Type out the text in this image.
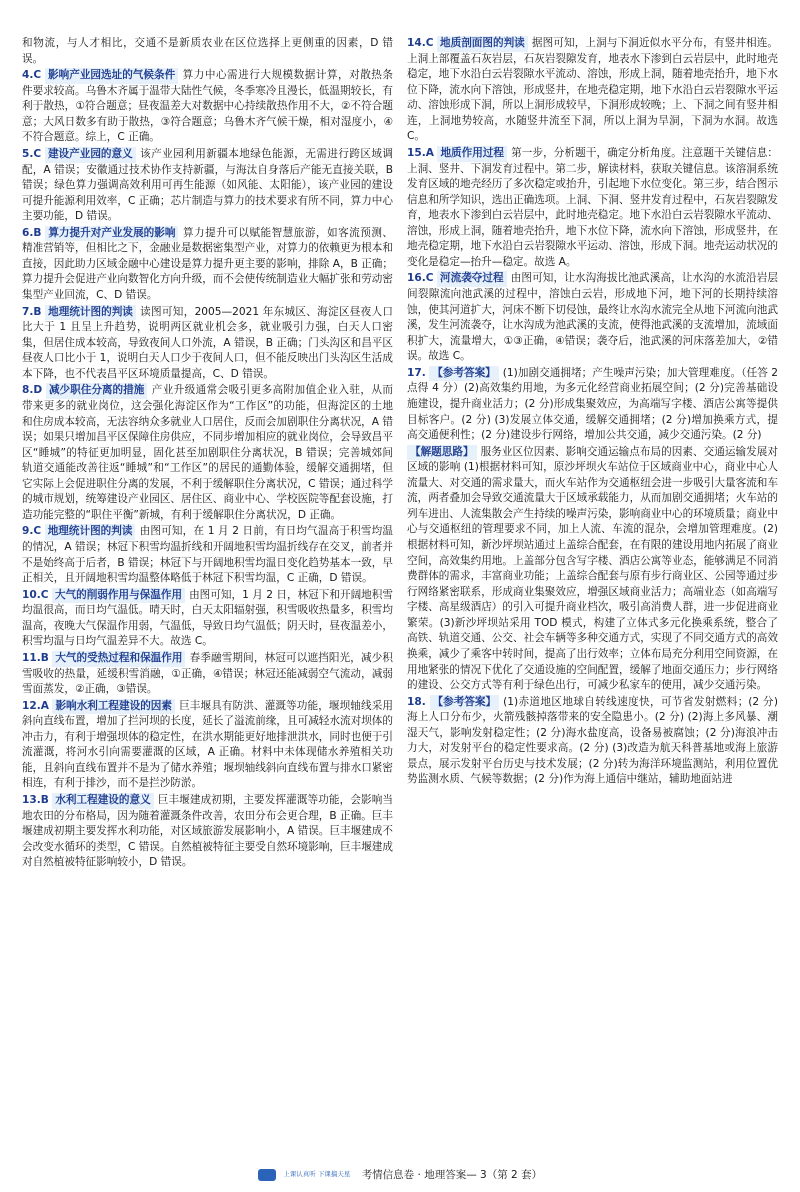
和物流，与人才相比，交通不是新质农业在区位选择上更侧重的因素，D 错误。

4.C 影响产业园选址的气候条件 算力中心需进行大规模数据计算，对散热条件要求较高。乌鲁木齐属于温带大陆性气候，冬季寒冷且漫长，低温期较长，有利于散热，①符合题意；昼夜温差大对数据中心持续散热作用不大，②不符合题意；大风日数多有助于散热，③符合题意；乌鲁木齐气候干燥，相对湿度小，④不符合题意。综上，C 正确。

5.C 建设产业园的意义 该产业园利用新疆本地绿色能源，无需进行跨区域调配，A 错误；安徽通过技术协作支持新疆，与海汰自身落后产能无直接关联，B 错误；绿色算力强调高效利用可再生能源（如风能、太阳能），该产业园的建设可提升能源利用效率，C 正确；芯片制造与算力的技术要求有所不同，算力中心主要功能，D 错误。

6.B 算力提升对产业发展的影响 算力提升可以赋能智慧旅游，如客流预测、精准营销等，但相比之下，金融业是数据密集型产业，对算力的依赖更为根本和直接，因此助力区域金融中心建设是算力提升更主要的影响，排除 A，B 正确；算力提升会促进产业向数智化方向升级，而不会使传统制造业大幅扩张和劳动密集型产业回流，C、D 错误。

7.B 地理统计图的判读 读图可知，2005—2021 年东城区、海淀区昼夜人口比大于 1 且呈上升趋势，说明两区就业机会多，就业吸引力强，白天人口密集，但居住成本较高，导致夜间人口外流，A 错误，B 正确；门头沟区和昌平区昼夜人口比小于 1，说明白天人口少于夜间人口，但不能反映出门头沟区生活成本下降，也不代表昌平区环境质量提高，C、D 错误。

8.D 减少职住分离的措施 产业升级通常会吸引更多高附加值企业入驻，从而带来更多的就业岗位，这会强化海淀区作为“工作区”的功能，但海淀区的土地和住房成本较高，无法容纳众多就业人口居住，反而会加剧职住分离状况，A 错误；如果只增加昌平区保障住房供应，不同步增加相应的就业岗位，会导致昌平区“睡城”的特征更加明显，固化甚至加剧职住分离状况，B 错误；完善城郊间轨道交通能改善往返“睡城”和“工作区”的居民的通勤体验，缓解交通拥堵，但它实际上会促进职住分离的发展，不利于缓解职住分离状况，C 错误；通过科学的城市规划，统筹建设产业园区、居住区、商业中心、学校医院等配套设施，打造功能完整的“职住平衡”新城，有利于缓解职住分离状况，D 正确。

9.C 地理统计图的判读 由图可知，在 1 月 2 日前，有日均气温高于积雪均温的情况，A 错误；林冠下积雪均温折线和开阔地积雪均温折线存在交叉，前者并不是始终高于后者，B 错误；林冠下与开阔地积雪均温日变化趋势基本一致，早正相关，且开阔地积雪均温整体略低于林冠下积雪均温，C 正确，D 错误。

10.C 大气的削弱作用与保温作用 由图可知，1 月 2 日，林冠下和开阔地积雪均温很高，而日均气温低。晴天时，白天太阳辐射强，积雪吸收热量多，积雪均温高，夜晚大气保温作用弱，气温低，导致日均气温低；阴天时，昼夜温差小，积雪均温与日均气温差异不大。故选 C。

11.B 大气的受热过程和保温作用 春季融雪期间，林冠可以遮挡阳光，减少积雪吸收的热量，延缓积雪消融，①正确，④错误；林冠还能减弱空气流动，减弱雪面蒸发，②正确，③错误。

12.A 影响水利工程建设的因素 巨丰堰具有防洪、灌溉等功能，堰坝轴线采用斜向直线布置，增加了拦河坝的长度，延长了溢流前缘，且可减轻水流对坝体的冲击力，有利于增强坝体的稳定性，在洪水期能更好地排泄洪水，同时也便于引流灌溉，将河水引向需要灌溉的区域，A 正确。材料中未体现储水养殖相关功能，且斜向直线布置并不是为了储水养殖；堰坝轴线斜向直线布置与排水口紧密相连，有利于排沙，而不是拦沙防淤。

13.B 水利工程建设的意义 巨丰堰建成初期，主要发挥灌溉等功能，会影响当地农田的分布格局，因为随着灌溉条件改善，农田分布会更合理，B 正确。巨丰堰建成初期主要发挥水利功能，对区域旅游发展影响小，A 错误。巨丰堰建成不会改变水循环的类型，C 错误。自然植被特征主要受自然环境影响，巨丰堰建成对自然植被特征影响较小，D 错误。

14.C 地质剖面图的判读 据图可知，上洞与下洞近似水平分布，有竖井相连。上洞上部覆盖石灰岩层，石灰岩裂隙发育，地表水下渗到白云岩层中，此时地壳稳定，地下水沿白云岩裂隙水平流动、溶蚀，形成上洞，随着地壳抬升，地下水位下降，流水向下溶蚀，形成竖井，在地壳稳定期，地下水沿白云岩裂隙水平运动、溶蚀形成下洞，所以上洞形成较早，下洞形成较晚；上、下洞之间有竖井相连，上洞地势较高，水随竖井流至下洞，所以上洞为旱洞，下洞为水洞。故选 C。

15.A 地质作用过程 第一步，分析题干，确定分析角度。注意题干关键信息：上洞、竖井、下洞发育过程中。第二步，解读材料，获取关键信息。该溶洞系统发育区域的地壳经历了多次稳定或抬升，引起地下水位变化。第三步，结合图示信息和所学知识，选出正确选项。上洞、下洞、竖井发育过程中，石灰岩裂隙发育，地表水下渗到白云岩层中，此时地壳稳定。地下水沿白云岩裂隙水平流动、溶蚀，形成上洞，随着地壳抬升，地下水位下降，流水向下溶蚀，形成竖井，在地壳稳定期，地下水沿白云岩裂隙水平运动、溶蚀，形成下洞。地壳运动状况的变化是稳定—抬升—稳定。故选 A。

16.C 河流袭夺过程 由图可知，让水沟海拔比池武溪高，让水沟的水流沿岩层间裂隙流向池武溪的过程中，溶蚀白云岩，形成地下河，地下河的长期持续溶蚀，使其河道扩大，河床不断下切侵蚀，最终让水沟水流完全从地下河流向池武溪，发生河流袭夺，让水沟成为池武溪的支流，使得池武溪的支流增加，流域面积扩大，流量增大，①③正确，④错误；袭夺后，池武溪的河床落差加大，②错误。故选 C。

17. 【参考答案】 (1)加剧交通拥堵；产生噪声污染；加大管理难度。（任答 2 点得 4 分）(2)高效集约用地，为多元化经营商业拓展空间；(2 分)完善基础设施建设，提升商业活力；(2 分)形成集聚效应，为高端写字楼、酒店公寓等提供目标客户。(2 分) (3)发展立体交通，缓解交通拥堵；(2 分)增加换乘方式，提高交通便利性；(2 分)建设步行网络，增加公共交通，减少交通污染。(2 分)

【解题思路】 服务业区位因素、影响交通运输点布局的因素、交通运输发展对区域的影响 (1)根据材料可知，原沙坪坝火车站位于区域商业中心，商业中心人流量大、对交通的需求量大，而火车站作为交通枢纽会进一步吸引大量客流和车流，两者叠加会导致交通流量大于区域承载能力，从而加剧交通拥堵；火车站的列车进出、人流集散会产生持续的噪声污染，影响商业中心的环境质量；商业中心与交通枢纽的管理要求不同，加上人流、车流的混杂，会增加管理难度。(2)根据材料可知，新沙坪坝站通过上盖综合配套，在有限的建设用地内拓展了商业空间，高效集约用地。上盖部分包含写字楼、酒店公寓等业态，能够满足不同消费群体的需求，丰富商业功能；上盖综合配套与原有步行商业区、公园等通过步行网络紧密联系，形成商业集聚效应，增强区域商业活力；高端业态（如高端写字楼、高星级酒店）的引入可提升商业档次，吸引高消费人群，进一步促进商业繁荣。(3)新沙坪坝站采用 TOD 模式，构建了立体式多元化换乘系统，整合了高铁、轨道交通、公交、社会车辆等多种交通方式，实现了不同交通方式的高效换乘，减少了乘客中转时间，提高了出行效率；立体布局充分利用空间资源，在用地紧张的情况下优化了交通设施的空间配置，缓解了地面交通压力；步行网络的建设、公交方式等有利于绿色出行，可减少私家车的使用，减少交通污染。

18. 【参考答案】 (1)赤道地区地球自转线速度快，可节省发射燃料；(2 分)海上人口分布少，火箭残骸掉落带来的安全隐患小。(2 分) (2)海上多风暴、潮湿天气，影响发射稳定性；(2 分)海水盐度高，设备易被腐蚀；(2 分)海浪冲击力大，对发射平台的稳定性要求高。(2 分) (3)改造为航天科普基地或海上旅游景点，展示发射平台历史与技术发展；(2 分)转为海洋环境监测站，利用位置优势监测水质、气候等数据；(2 分)作为海上通信中继站，辅助地面站进

上课认真听 下课搞天星 考情信息卷 · 地理答案— 3（第 2 套）
